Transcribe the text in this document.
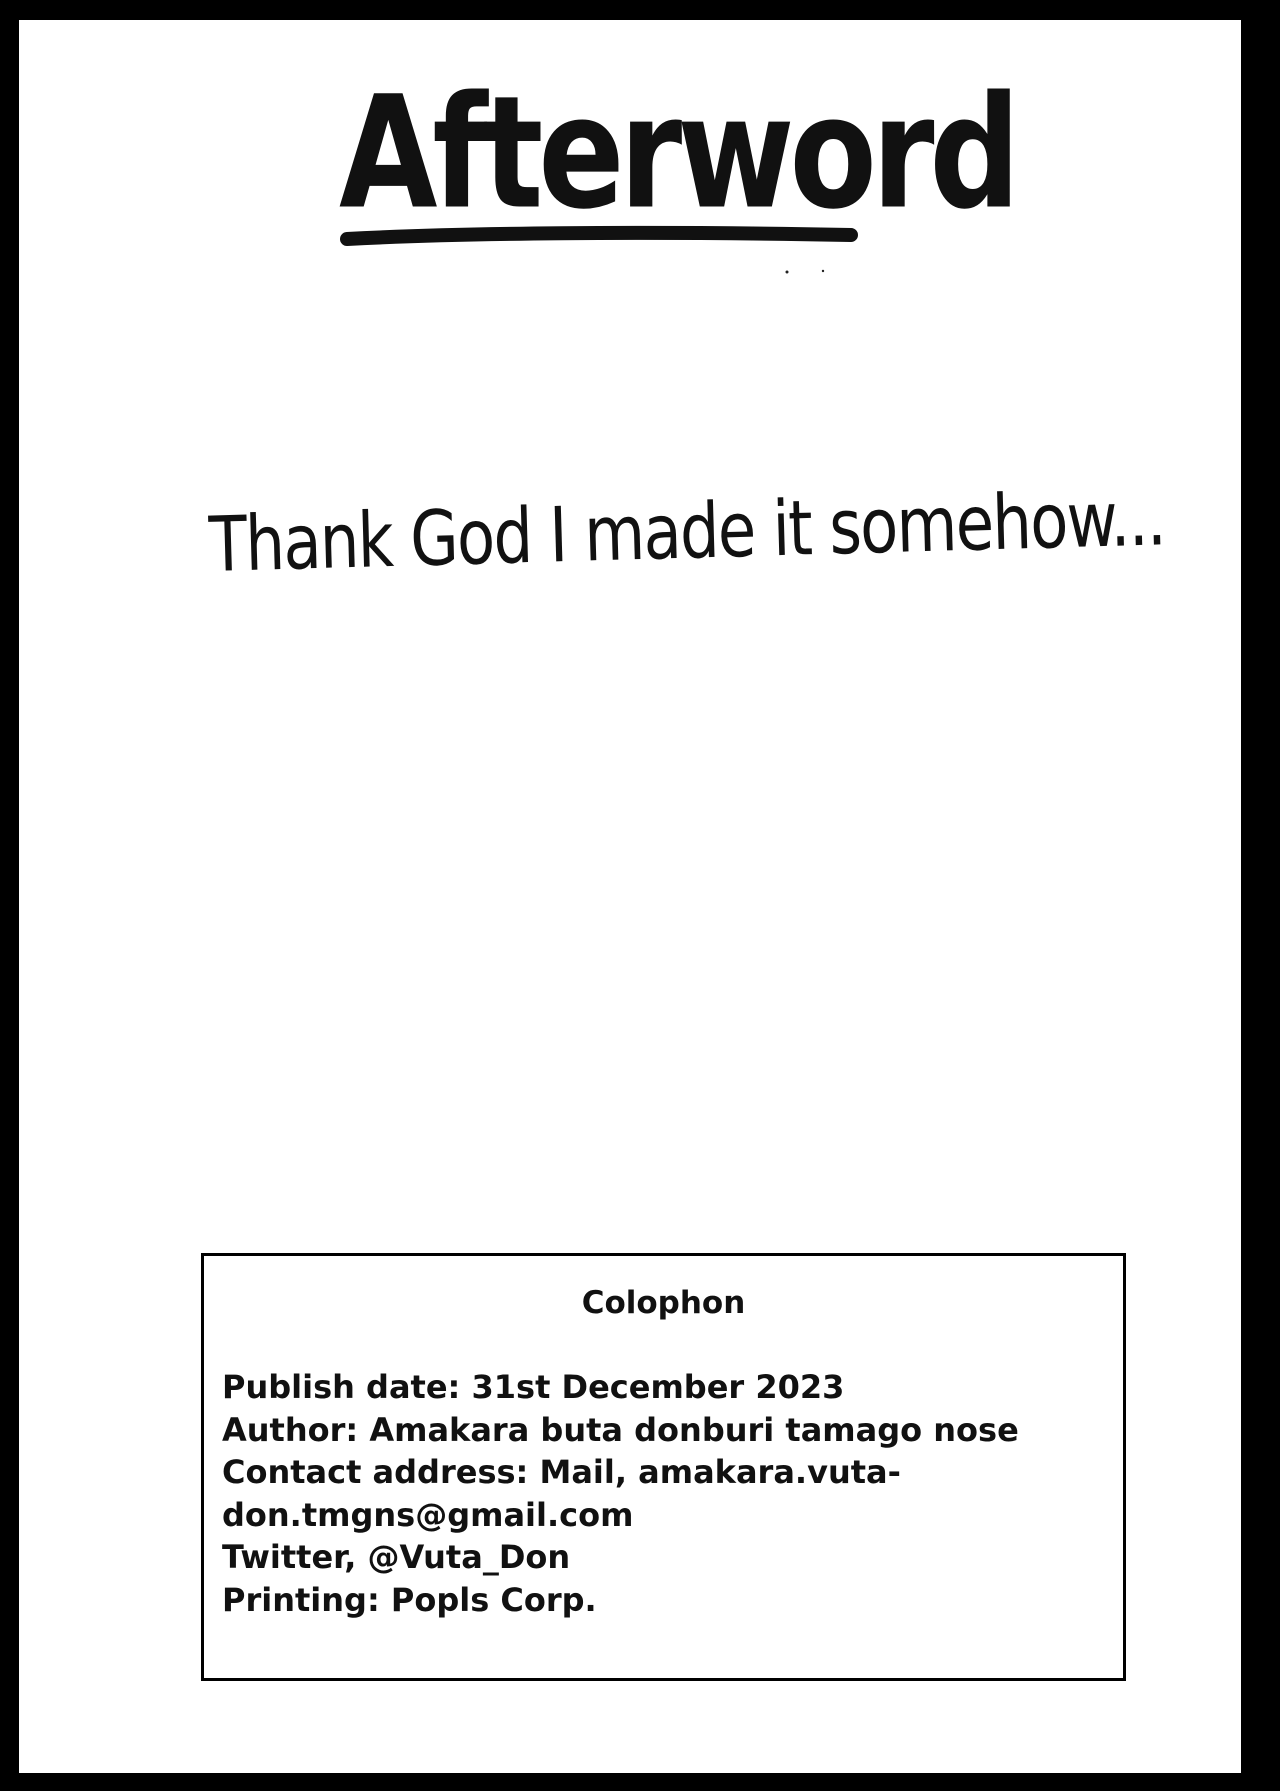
Afterword
Thank God I made it somehow...
Colophon
Publish date: 31st December 2023
Author: Amakara buta donburi tamago nose
Contact address: Mail, amakara.vuta-
don.tmgns@gmail.com
Twitter, @Vuta_Don
Printing: Popls Corp.
